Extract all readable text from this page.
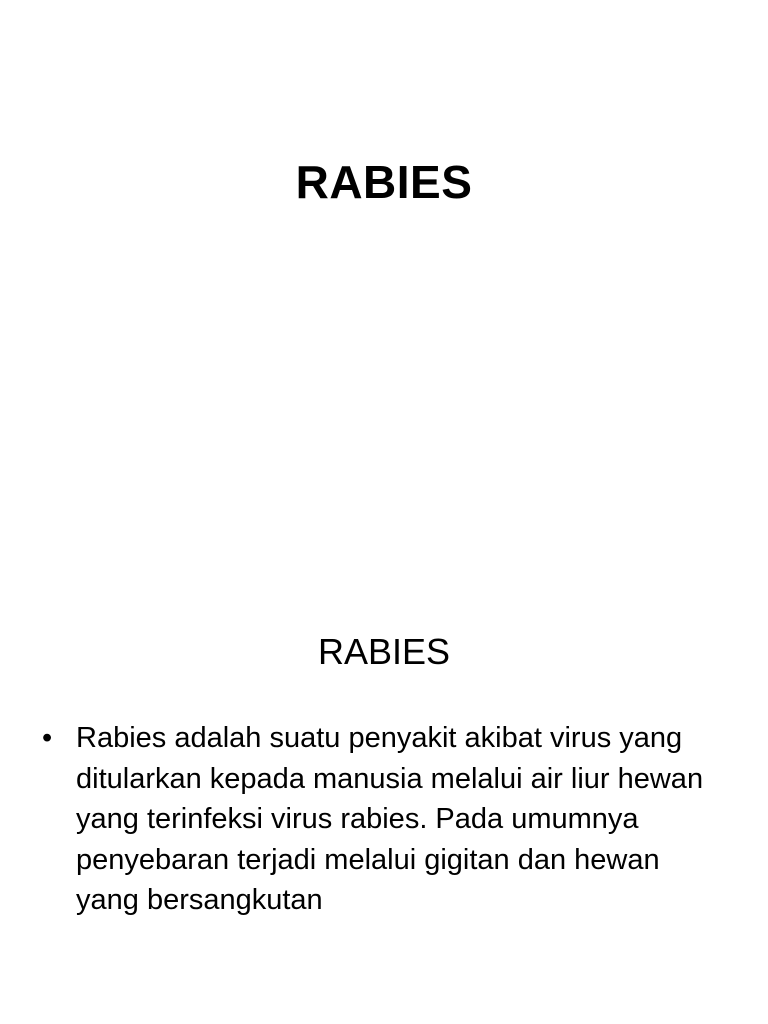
RABIES
RABIES
• Rabies adalah suatu penyakit akibat virus yang ditularkan kepada manusia melalui air liur hewan yang terinfeksi virus rabies. Pada umumnya penyebaran terjadi melalui gigitan dan hewan yang bersangkutan
